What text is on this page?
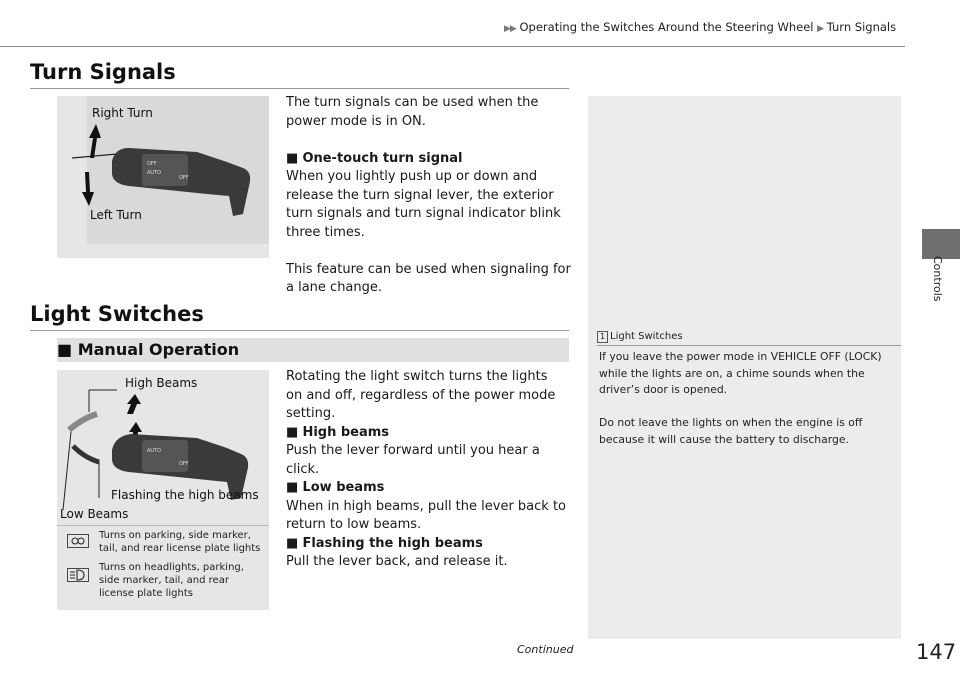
▶▶ Operating the Switches Around the Steering Wheel ▶ Turn Signals
Controls
Turn Signals
OFF
AUTO
OFF
Right Turn
Left Turn

The turn signals can be used when the power mode is in ON.

■ One-touch turn signal

When you lightly push up or down and release the turn signal lever, the exterior turn signals and turn signal indicator blink three times.

This feature can be used when signaling for a lane change.

Light Switches
■ Manual Operation
AUTO
OFF
High Beams
Flashing the high beams
Low Beams
Turns on parking, side marker, tail, and rear license plate lights
Turns on headlights, parking, side marker, tail, and rear license plate lights

Rotating the light switch turns the lights on and off, regardless of the power mode setting.

■ High beams

Push the lever forward until you hear a click.

■ Low beams

When in high beams, pull the lever back to return to low beams.

■ Flashing the high beams

Pull the lever back, and release it.

1 Light Switches

If you leave the power mode in VEHICLE OFF (LOCK) while the lights are on, a chime sounds when the driver’s door is opened.

Do not leave the lights on when the engine is off because it will cause the battery to discharge.

Continued	147
